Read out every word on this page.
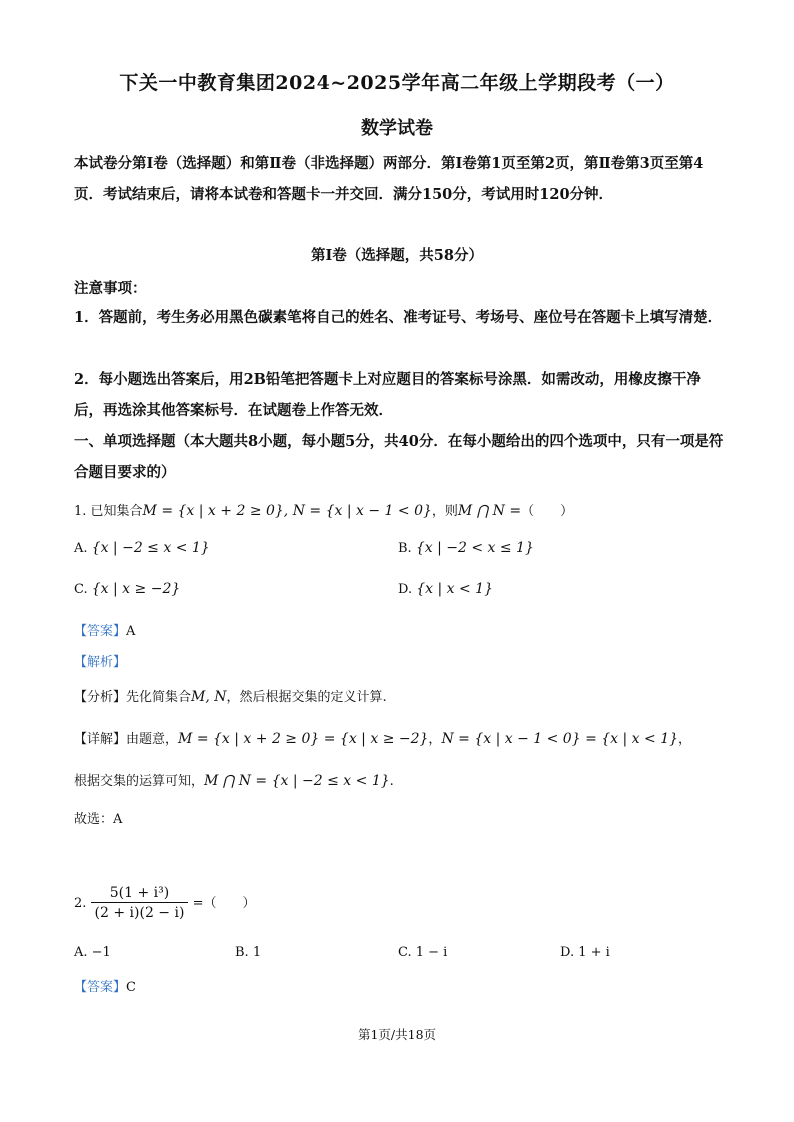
下关一中教育集团2024~2025学年高二年级上学期段考（一）
数学试卷
本试卷分第Ⅰ卷（选择题）和第Ⅱ卷（非选择题）两部分．第Ⅰ卷第1页至第2页，第Ⅱ卷第3页至第4页．考试结束后，请将本试卷和答题卡一并交回．满分150分，考试用时120分钟．
第Ⅰ卷（选择题，共58分）
注意事项：
1．答题前，考生务必用黑色碳素笔将自己的姓名、准考证号、考场号、座位号在答题卡上填写清楚．
2．每小题选出答案后，用2B铅笔把答题卡上对应题目的答案标号涂黑．如需改动，用橡皮擦干净后，再选涂其他答案标号．在试题卷上作答无效．
一、单项选择题（本大题共8小题，每小题5分，共40分．在每小题给出的四个选项中，只有一项是符合题目要求的）
1. 已知集合M = {x | x + 2 ≥ 0}, N = {x | x − 1 < 0}，则M ⋂ N =（　　）
A. {x | −2 ≤ x < 1}	B. {x | −2 < x ≤ 1}
C. {x | x ≥ −2}	D. {x | x < 1}
【答案】A
【解析】
【分析】先化简集合M, N，然后根据交集的定义计算.
【详解】由题意，M = {x | x + 2 ≥ 0} = {x | x ≥ −2}，N = {x | x − 1 < 0} = {x | x < 1}，
根据交集的运算可知，M ⋂ N = {x | −2 ≤ x < 1}.
故选：A
2. $\frac{\text{5(1 + i³)}}{(2 + i)(2 - i)}$ =（　　）
A. −1	B. 1	C. 1 − i	D. 1 + i
【答案】C
第1页/共18页
